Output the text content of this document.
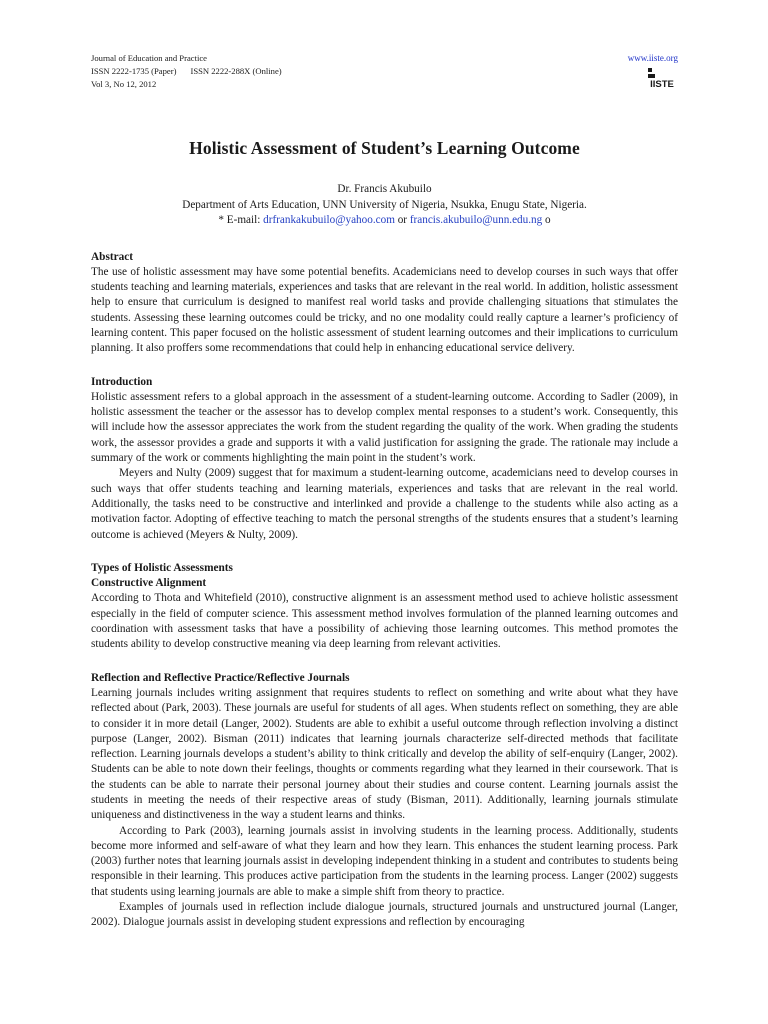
Journal of Education and Practice
ISSN 2222-1735 (Paper) ISSN 2222-288X (Online)
Vol 3, No 12, 2012
www.iiste.org
IISTE
Holistic Assessment of Student’s Learning Outcome
Dr. Francis Akubuilo
Department of Arts Education, UNN University of Nigeria, Nsukka, Enugu State, Nigeria.
* E-mail: drfrankakubuilo@yahoo.com or francis.akubuilo@unn.edu.ng o
Abstract

The use of holistic assessment may have some potential benefits. Academicians need to develop courses in such ways that offer students teaching and learning materials, experiences and tasks that are relevant in the real world. In addition, holistic assessment help to ensure that curriculum is designed to manifest real world tasks and provide challenging situations that stimulates the students. Assessing these learning outcomes could be tricky, and no one modality could really capture a learner’s proficiency of learning content. This paper focused on the holistic assessment of student learning outcomes and their implications to curriculum planning. It also proffers some recommendations that could help in enhancing educational service delivery.

Introduction

Holistic assessment refers to a global approach in the assessment of a student-learning outcome. According to Sadler (2009), in holistic assessment the teacher or the assessor has to develop complex mental responses to a student’s work. Consequently, this will include how the assessor appreciates the work from the student regarding the quality of the work. When grading the students work, the assessor provides a grade and supports it with a valid justification for assigning the grade. The rationale may include a summary of the work or comments highlighting the main point in the student’s work.

Meyers and Nulty (2009) suggest that for maximum a student-learning outcome, academicians need to develop courses in such ways that offer students teaching and learning materials, experiences and tasks that are relevant in the real world. Additionally, the tasks need to be constructive and interlinked and provide a challenge to the students while also acting as a motivation factor. Adopting of effective teaching to match the personal strengths of the students ensures that a student’s learning outcome is achieved (Meyers & Nulty, 2009).

Types of Holistic Assessments
Constructive Alignment

According to Thota and Whitefield (2010), constructive alignment is an assessment method used to achieve holistic assessment especially in the field of computer science. This assessment method involves formulation of the planned learning outcomes and coordination with assessment tasks that have a possibility of achieving those learning outcomes. This method promotes the students ability to develop constructive meaning via deep learning from relevant activities.

Reflection and Reflective Practice/Reflective Journals

Learning journals includes writing assignment that requires students to reflect on something and write about what they have reflected about (Park, 2003). These journals are useful for students of all ages. When students reflect on something, they are able to consider it in more detail (Langer, 2002). Students are able to exhibit a useful outcome through reflection involving a distinct purpose (Langer, 2002). Bisman (2011) indicates that learning journals characterize self-directed methods that facilitate reflection. Learning journals develops a student’s ability to think critically and develop the ability of self-enquiry (Langer, 2002). Students can be able to note down their feelings, thoughts or comments regarding what they learned in their coursework. That is the students can be able to narrate their personal journey about their studies and course content. Learning journals assist the students in meeting the needs of their respective areas of study (Bisman, 2011). Additionally, learning journals stimulate uniqueness and distinctiveness in the way a student learns and thinks.

According to Park (2003), learning journals assist in involving students in the learning process. Additionally, students become more informed and self-aware of what they learn and how they learn. This enhances the student learning process. Park (2003) further notes that learning journals assist in developing independent thinking in a student and contributes to students being responsible in their learning. This produces active participation from the students in the learning process. Langer (2002) suggests that students using learning journals are able to make a simple shift from theory to practice.

Examples of journals used in reflection include dialogue journals, structured journals and unstructured journal (Langer, 2002). Dialogue journals assist in developing student expressions and reflection by encouraging
